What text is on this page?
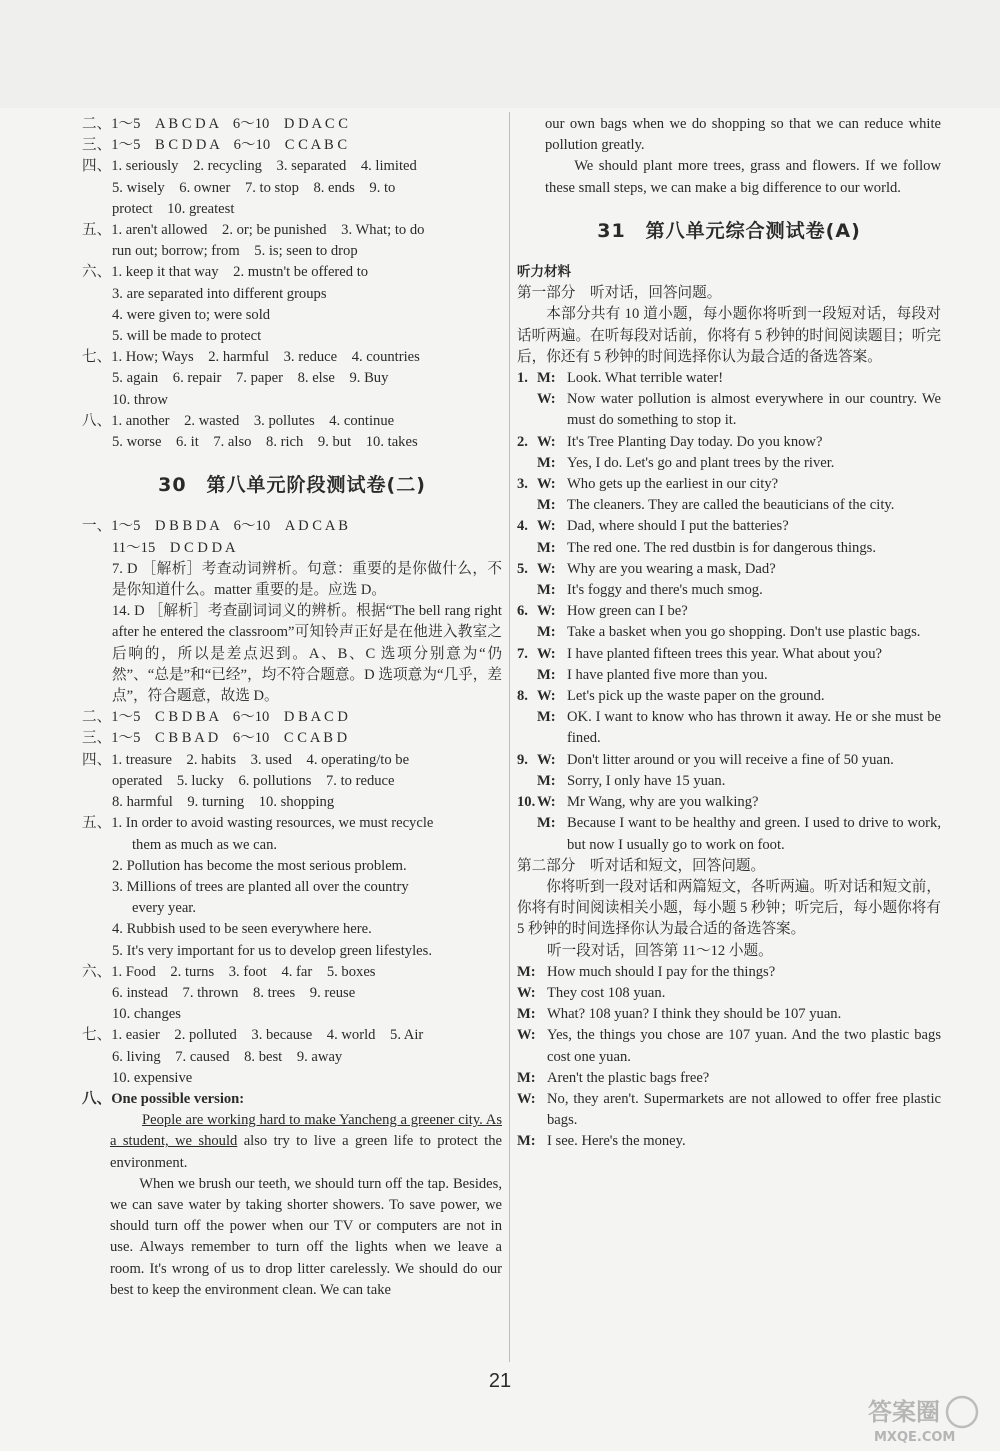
二、1～5　A B C D A　6～10　D D A C C
三、1～5　B C D D A　6～10　C C A B C
四、1. seriously　2. recycling　3. separated　4. limited
5. wisely　6. owner　7. to stop　8. ends　9. to
protect　10. greatest
五、1. aren't allowed　2. or; be punished　3. What; to do
run out; borrow; from　5. is; seen to drop
六、1. keep it that way　2. mustn't be offered to
3. are separated into different groups
4. were given to; were sold
5. will be made to protect
七、1. How; Ways　2. harmful　3. reduce　4. countries
5. again　6. repair　7. paper　8. else　9. Buy
10. throw
八、1. another　2. wasted　3. pollutes　4. continue
5. worse　6. it　7. also　8. rich　9. but　10. takes
30　第八单元阶段测试卷(二)
一、1～5　D B B D A　6～10　A D C A B
11～15　D C D D A
7. D ［解析］考查动词辨析。句意：重要的是你做什么，不是你知道什么。matter 重要的是。应选 D。
14. D ［解析］考查副词词义的辨析。根据“The bell rang right after he entered the classroom”可知铃声正好是在他进入教室之后响的，所以是差点迟到。A、B、C 选项分别意为“仍然”、“总是”和“已经”，均不符合题意。D 选项意为“几乎，差点”，符合题意，故选 D。
二、1～5　C B D B A　6～10　D B A C D
三、1～5　C B B A D　6～10　C C A B D
四、1. treasure　2. habits　3. used　4. operating/to be
operated　5. lucky　6. pollutions　7. to reduce
8. harmful　9. turning　10. shopping
五、1. In order to avoid wasting resources, we must recycle
them as much as we can.
2. Pollution has become the most serious problem.
3. Millions of trees are planted all over the country
every year.
4. Rubbish used to be seen everywhere here.
5. It's very important for us to develop green lifestyles.
六、1. Food　2. turns　3. foot　4. far　5. boxes
6. instead　7. thrown　8. trees　9. reuse
10. changes
七、1. easier　2. polluted　3. because　4. world　5. Air
6. living　7. caused　8. best　9. away
10. expensive
八、One possible version:
People are working hard to make Yancheng a greener city. As a student, we should also try to live a green life to protect the environment.
When we brush our teeth, we should turn off the tap. Besides, we can save water by taking shorter showers. To save power, we should turn off the power when our TV or computers are not in use. Always remember to turn off the lights when we leave a room. It's wrong of us to drop litter carelessly. We should do our best to keep the environment clean. We can take
our own bags when we do shopping so that we can reduce white pollution greatly.
We should plant more trees, grass and flowers. If we follow these small steps, we can make a big difference to our world.
31　第八单元综合测试卷(A)
听力材料
第一部分　听对话，回答问题。
本部分共有 10 道小题，每小题你将听到一段短对话，每段对话听两遍。在听每段对话前，你将有 5 秒钟的时间阅读题目；听完后，你还有 5 秒钟的时间选择你认为最合适的备选答案。
1. M: Look. What terrible water!
W: Now water pollution is almost everywhere in our country. We must do something to stop it.
2. W: It's Tree Planting Day today. Do you know?
M: Yes, I do. Let's go and plant trees by the river.
3. W: Who gets up the earliest in our city?
M: The cleaners. They are called the beauticians of the city.
4. W: Dad, where should I put the batteries?
M: The red one. The red dustbin is for dangerous things.
5. W: Why are you wearing a mask, Dad?
M: It's foggy and there's much smog.
6. W: How green can I be?
M: Take a basket when you go shopping. Don't use plastic bags.
7. W: I have planted fifteen trees this year. What about you?
M: I have planted five more than you.
8. W: Let's pick up the waste paper on the ground.
M: OK. I want to know who has thrown it away. He or she must be fined.
9. W: Don't litter around or you will receive a fine of 50 yuan.
M: Sorry, I only have 15 yuan.
10. W: Mr Wang, why are you walking?
M: Because I want to be healthy and green. I used to drive to work, but now I usually go to work on foot.
第二部分　听对话和短文，回答问题。
你将听到一段对话和两篇短文，各听两遍。听对话和短文前，你将有时间阅读相关小题，每小题 5 秒钟；听完后，每小题你将有 5 秒钟的时间选择你认为最合适的备选答案。
听一段对话，回答第 11～12 小题。
M: How much should I pay for the things?
W: They cost 108 yuan.
M: What? 108 yuan? I think they should be 107 yuan.
W: Yes, the things you chose are 107 yuan. And the two plastic bags cost one yuan.
M: Aren't the plastic bags free?
W: No, they aren't. Supermarkets are not allowed to offer free plastic bags.
M: I see. Here's the money.
21
答案圈
MXQE.COM
